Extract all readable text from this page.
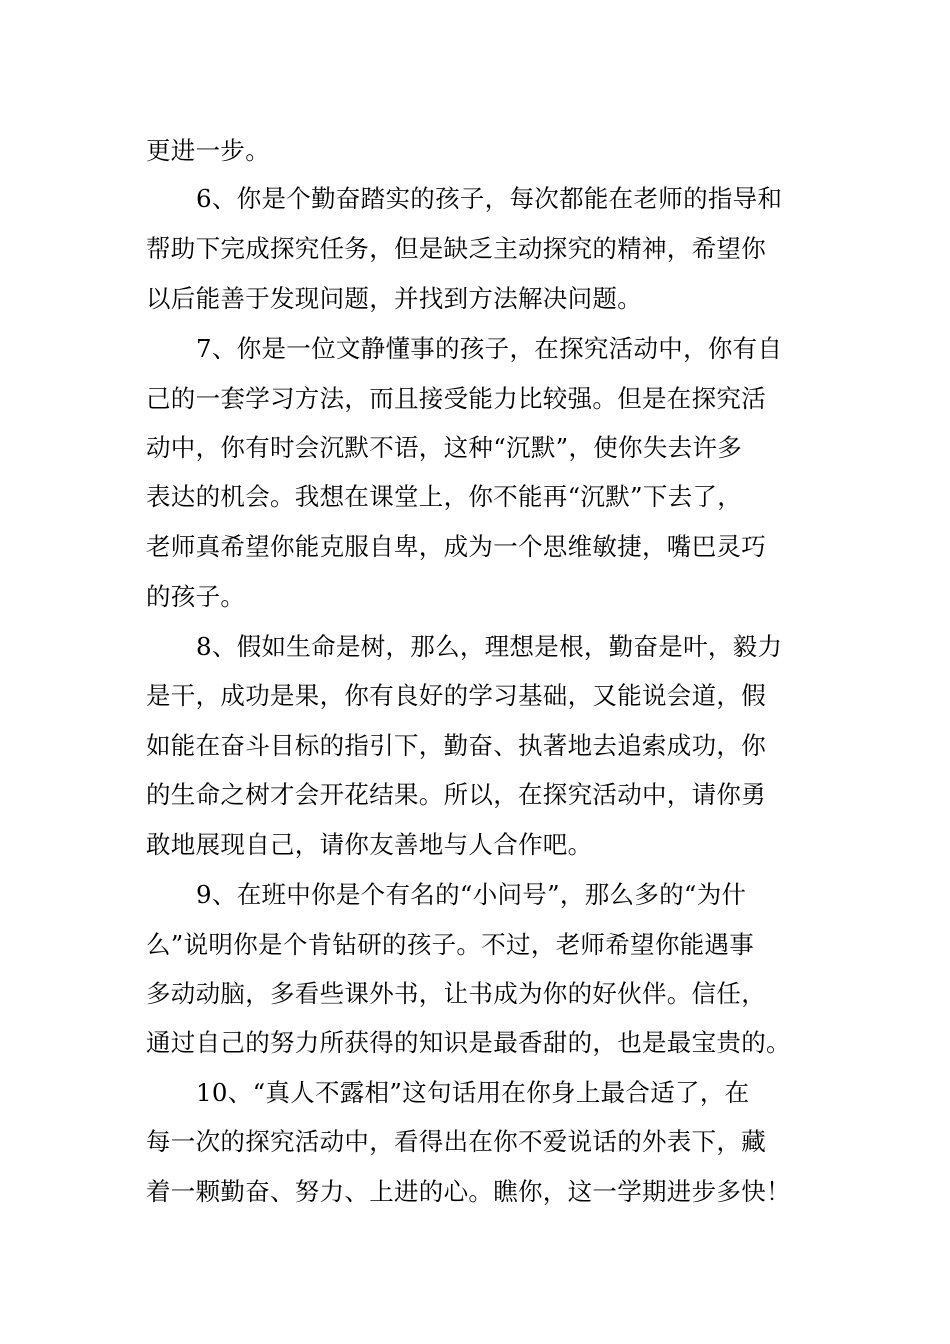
更进一步。
6、你是个勤奋踏实的孩子，每次都能在老师的指导和
帮助下完成探究任务，但是缺乏主动探究的精神，希望你
以后能善于发现问题，并找到方法解决问题。
7、你是一位文静懂事的孩子，在探究活动中，你有自
己的一套学习方法，而且接受能力比较强。但是在探究活
动中，你有时会沉默不语，这种“沉默”，使你失去许多
表达的机会。我想在课堂上，你不能再“沉默”下去了，
老师真希望你能克服自卑，成为一个思维敏捷，嘴巴灵巧
的孩子。
8、假如生命是树，那么，理想是根，勤奋是叶，毅力
是干，成功是果，你有良好的学习基础，又能说会道，假
如能在奋斗目标的指引下，勤奋、执著地去追索成功，你
的生命之树才会开花结果。所以，在探究活动中，请你勇
敢地展现自己，请你友善地与人合作吧。
9、在班中你是个有名的“小问号”，那么多的“为什
么”说明你是个肯钻研的孩子。不过，老师希望你能遇事
多动动脑，多看些课外书，让书成为你的好伙伴。信任，
通过自己的努力所获得的知识是最香甜的，也是最宝贵的。
10、“真人不露相”这句话用在你身上最合适了，在
每一次的探究活动中，看得出在你不爱说话的外表下，藏
着一颗勤奋、努力、上进的心。瞧你，这一学期进步多快！
